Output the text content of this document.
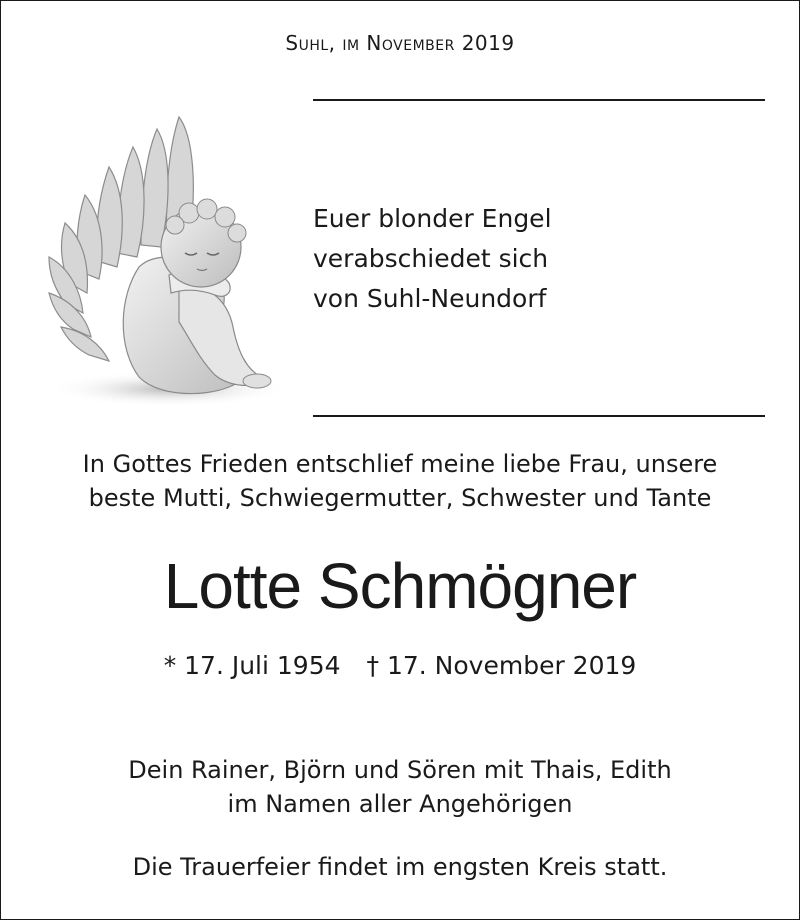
Suhl, im November 2019
Euer blonder Engel
verabschiedet sich
von Suhl-Neundorf
In Gottes Frieden entschlief meine liebe Frau, unsere
beste Mutti, Schwiegermutter, Schwester und Tante
Lotte Schmögner
* 17. Juli 1954 † 17. November 2019
Dein Rainer, Björn und Sören mit Thais, Edith
im Namen aller Angehörigen
Die Trauerfeier findet im engsten Kreis statt.
